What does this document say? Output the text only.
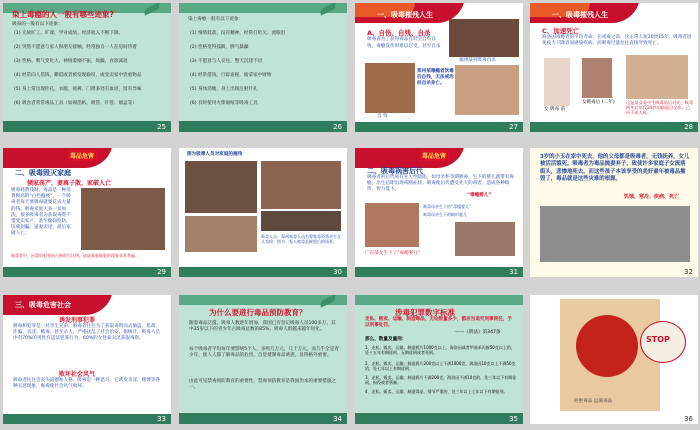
染上毒瘾的人一般有哪些迹象?
吸毒的一般有以下迹象：
(1) 无故旷工、旷课，学业成绩、经济收入不断下降。
(2) 突然不愿意与家人和朋友接触，经常独自一人在房间待着
(3) 性格、脾气变化大，神情萎靡不振，烦躁，食欲减退
(4) 经常向人借钱，撒谎或者被发现偷窃，或变卖家中贵重物品
(5) 身上常出现针孔，衣服、被褥、门窗多处有血迹，留有异味
(6) 吸食者常常毒品工具（如锡箔纸、吸管、针管、烟盒等）
25
染上毒瘾一般有以下迹象：
(1) 情绪低落，没有精神，经常打哈欠、流眼泪
(2) 性格变得孤僻，脾气暴躁
(3) 不愿意与人交往，整天沉迷不语
(4) 经常借钱，行踪诡秘，偷拿家中财物
(5) 身体消瘦，身上出现注射针孔
(6) 有时使用火柴锡纸等吸毒工具
26
一、吸毒摧残人生
A、自伤、自残、自杀
吸毒者为了获得毒品有时会自伤自残，毒瘾发作时难以忍受，甚至自杀
郑州某毒瘾者饮毒后自残，无法戒治而自杀身亡。
福州某男吸毒自杀
自 残
27
一、吸毒摧残人生
C、加速死亡
海洛因毒瘾者的平均寿命，在戒毒之前，比正常人短10到15年。吸毒者因免疫力下降容易感染疾病，而吸毒过量往往直接导致死亡。
女 吸毒 前
女吸毒后 (二年)	这是某女高中生吸毒前后对比，吸毒两年后年仅24岁的她面目全非，已经不成人样。
28
毒品危害
二、吸毒毁灭家庭
倾家荡产，妻离子散，家破人亡
吸毒耗费钱财，毒品是一种消费极高的“白色瘟疫”，一个吸毒者每天要吸毒就要花去大量的钱。吸毒家庭大多一贫如洗，很多吸毒者为获取毒资不惜变卖家产，甚至偷窃抢劫，坑蒙拐骗，逼妻卖淫，最后家破人亡。
吸毒者中，因毒资犯罪的占到很大比例，造成家庭破裂的现象非常普遍。
29
图为吸毒人员对家庭的摧残
吸毒人员：郑州吸毒人员为筹集毒资将亲生女儿卖掉，图为一家人被毒品摧毁后的场景。
30
毒品危害
二、吸毒祸害后代
吸毒者的后代易有先天性缺陷，如母亲怀孕期吸毒，生下的婴儿就带有毒瘾，出生后即出现戒断症状。吸毒使后代遭受先天的毒害，造成各种畸形，智力低下。
“毒瘾婴儿”
吸毒母亲生下的“毒瘾婴儿”
吸毒母亲生下的畸形婴儿
广东某女生下了“毒瘾婴儿”
31
3岁的小玉在家中死去，他的父母都是吸毒者，无钱抚养，女儿被活活饿死。吸毒者为毒品抛妻弃子，致使许多家庭子女流落街头，悲惨地死去。而这些孩子本该享受的美好童年被毒品摧毁了，毒品就是这些灾难的根源。
饥饿、寒冷、疾病、死亡
32
三、吸毒危害社会
诱发刑事犯罪
吸毒和犯罪是一对孪生兄弟。吸毒者往往为了获取毒资而去偷盗、抢劫、诈骗、卖淫、贩毒，甚至杀人，严重扰乱了社会治安。据统计，吸毒人员中有70%的男性有违法犯罪行为，60%的女性靠卖淫获取毒资。
败坏社会风气
吸毒者往往会丧失道德和人格，吸毒是一种恶习，它诱发卖淫、赌博等各种丑恶现象，吸毒使社会风气败坏。
33
为什么要进行毒品预防教育？
随着毒品泛滥，吸毒人数逐年增加，我国已有登记吸毒人员100多万，其中35岁以下的青少年占吸毒总数的85%，吸毒人群越来越年轻化。
每个吸毒者平均每年要影响5个人，多则几万元，几十万元，而几乎全是青少年，使人人都了解毒品的危害，自觉抵制毒品诱惑，显得格外重要。
由此可见禁毒预防教育的重要性，禁毒预防教育是我国治本的重要措施之一。
34
涉毒犯罪数字标准
走私、贩卖、运输、制造毒品，无论数量多少，都应当追究刑事责任，予以刑事处罚。
——《刑法》第347条
那么，数量及量刑：
1、走私、贩卖、运输、制造鸦片1000克以上、海洛因或者甲基苯丙胺50克以上的，处十五年有期徒刑、无期徒刑或者死刑。
2、走私、贩卖、运输、制造鸦片200克以上不满1000克、海洛因10克以上不满50克的，处七年以上有期徒刑。
3、走私、贩卖、运输、制造鸦片不满200克、海洛因不满10克的，处三年以下有期徒刑、拘役或者管制。
4、走私、贩卖、运输、制造毒品，情节严重的，处三年以上七年以下有期徒刑。
35
STOP
拒绝毒品 远离毒品
36
